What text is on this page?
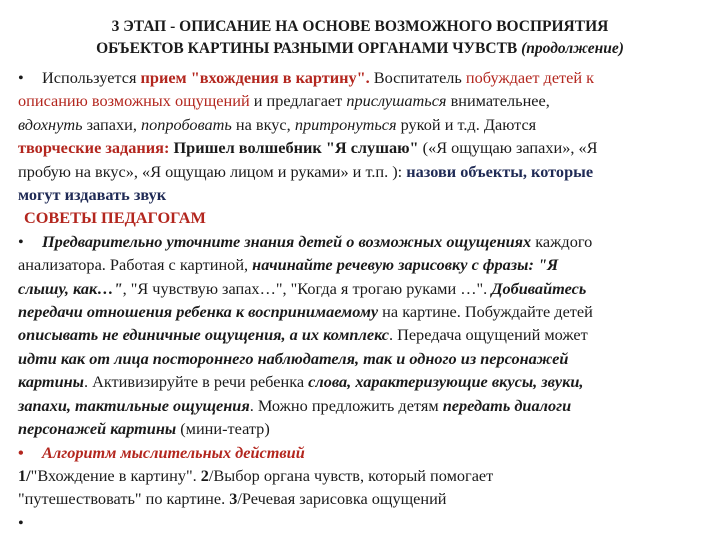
3 ЭТАП - ОПИСАНИЕ НА ОСНОВЕ ВОЗМОЖНОГО ВОСПРИЯТИЯ
ОБЪЕКТОВ КАРТИНЫ РАЗНЫМИ ОРГАНАМИ ЧУВСТВ (продолжение)
• Используется прием "вхождения в картину". Воспитатель побуждает детей к
описанию возможных ощущений и предлагает прислушаться внимательнее,
вдохнуть запахи, попробовать на вкус, притронуться рукой и т.д. Даются
творческие задания: Пришел волшебник "Я слушаю" («Я ощущаю запахи», «Я
пробую на вкус», «Я ощущаю лицом и руками» и т.п. ): назови объекты, которые
могут издавать звук
СОВЕТЫ ПЕДАГОГАМ
• Предварительно уточните знания детей о возможных ощущениях каждого
анализатора. Работая с картиной, начинайте речевую зарисовку с фразы: "Я
слышу, как…", "Я чувствую запах…", "Когда я трогаю руками …". Добивайтесь
передачи отношения ребенка к воспринимаемому на картине. Побуждайте детей
описывать не единичные ощущения, а их комплекс. Передача ощущений может
идти как от лица постороннего наблюдателя, так и одного из персонажей
картины. Активизируйте в речи ребенка слова, характеризующие вкусы, звуки,
запахи, тактильные ощущения. Можно предложить детям передать диалоги
персонажей картины (мини-театр)
• Алгоритм мыслительных действий
1/"Вхождение в картину". 2/Выбор органа чувств, который помогает
"путешествовать" по картине. 3/Речевая зарисовка ощущений
•
